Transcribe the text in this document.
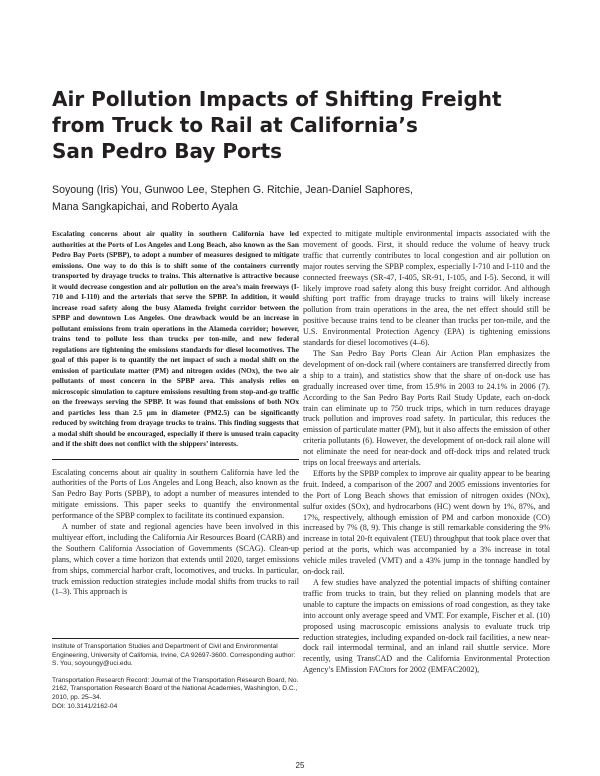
Air Pollution Impacts of Shifting Freight
from Truck to Rail at California’s
San Pedro Bay Ports
Soyoung (Iris) You, Gunwoo Lee, Stephen G. Ritchie, Jean-Daniel Saphores,
Mana Sangkapichai, and Roberto Ayala

Escalating concerns about air quality in southern California have led authorities at the Ports of Los Angeles and Long Beach, also known as the San Pedro Bay Ports (SPBP), to adopt a number of measures designed to mitigate emissions. One way to do this is to shift some of the containers currently transported by drayage trucks to trains. This alternative is attractive because it would decrease congestion and air pollution on the area’s main freeways (I-710 and I-110) and the arterials that serve the SPBP. In addition, it would increase road safety along the busy Alameda freight corridor between the SPBP and downtown Los Angeles. One drawback would be an increase in pollutant emissions from train operations in the Alameda corridor; however, trains tend to pollute less than trucks per ton-mile, and new federal regulations are tightening the emissions standards for diesel locomotives. The goal of this paper is to quantify the net impact of such a modal shift on the emission of particulate matter (PM) and nitrogen oxides (NOx), the two air pollutants of most concern in the SPBP area. This analysis relies on microscopic simulation to capture emissions resulting from stop-and-go traffic on the freeways serving the SPBP. It was found that emissions of both NOx and particles less than 2.5 µm in diameter (PM2.5) can be significantly reduced by switching from drayage trucks to trains. This finding suggests that a modal shift should be encouraged, especially if there is unused train capacity and if the shift does not conflict with the shippers’ interests.

Escalating concerns about air quality in southern California have led the authorities of the Ports of Los Angeles and Long Beach, also known as the San Pedro Bay Ports (SPBP), to adopt a number of measures intended to mitigate emissions. This paper seeks to quantify the environmental performance of the SPBP complex to facilitate its continued expansion.

A number of state and regional agencies have been involved in this multiyear effort, including the California Air Resources Board (CARB) and the Southern California Association of Governments (SCAG). Clean-up plans, which cover a time horizon that extends until 2020, target emissions from ships, commercial harbor craft, locomotives, and trucks. In particular, truck emission reduction strategies include modal shifts from trucks to rail (1–3). This approach is

expected to mitigate multiple environmental impacts associated with the movement of goods. First, it should reduce the volume of heavy truck traffic that currently contributes to local congestion and air pollution on major routes serving the SPBP complex, especially I-710 and I-110 and the connected freeways (SR-47, I-405, SR-91, I-105, and I-5). Second, it will likely improve road safety along this busy freight corridor. And although shifting port traffic from drayage trucks to trains will likely increase pollution from train operations in the area, the net effect should still be positive because trains tend to be cleaner than trucks per ton-mile, and the U.S. Environmental Protection Agency (EPA) is tightening emissions standards for diesel locomotives (4–6).

The San Pedro Bay Ports Clean Air Action Plan emphasizes the development of on-dock rail (where containers are transferred directly from a ship to a train), and statistics show that the share of on-dock use has gradually increased over time, from 15.9% in 2003 to 24.1% in 2006 (7). According to the San Pedro Bay Ports Rail Study Update, each on-dock train can eliminate up to 750 truck trips, which in turn reduces drayage truck pollution and improves road safety. In particular, this reduces the emission of particulate matter (PM), but it also affects the emission of other criteria pollutants (6). However, the development of on-dock rail alone will not eliminate the need for near-dock and off-dock trips and related truck trips on local freeways and arterials.

Efforts by the SPBP complex to improve air quality appear to be bearing fruit. Indeed, a comparison of the 2007 and 2005 emissions inventories for the Port of Long Beach shows that emission of nitrogen oxides (NOx), sulfur oxides (SOx), and hydrocarbons (HC) went down by 1%, 87%, and 17%, respectively, although emission of PM and carbon monoxide (CO) increased by 7% (8, 9). This change is still remarkable considering the 9% increase in total 20-ft equivalent (TEU) throughput that took place over that period at the ports, which was accompanied by a 3% increase in total vehicle miles traveled (VMT) and a 43% jump in the tonnage handled by on-dock rail.

A few studies have analyzed the potential impacts of shifting container traffic from trucks to train, but they relied on planning models that are unable to capture the impacts on emissions of road congestion, as they take into account only average speed and VMT. For example, Fischer et al. (10) proposed using macroscopic emissions analysis to evaluate truck trip reduction strategies, including expanded on-dock rail facilities, a new near-dock rail intermodal terminal, and an inland rail shuttle service. More recently, using TransCAD and the California Environmental Protection Agency’s EMission FACtors for 2002 (EMFAC2002),

Institute of Transportation Studies and Department of Civil and Environmental Engineering, University of California, Irvine, CA 92697-3600. Corresponding author: S. You, soyoungy@uci.edu.

Transportation Research Record: Journal of the Transportation Research Board, No. 2162, Transportation Research Board of the National Academies, Washington, D.C., 2010, pp. 25–34.

DOI: 10.3141/2162-04

25
